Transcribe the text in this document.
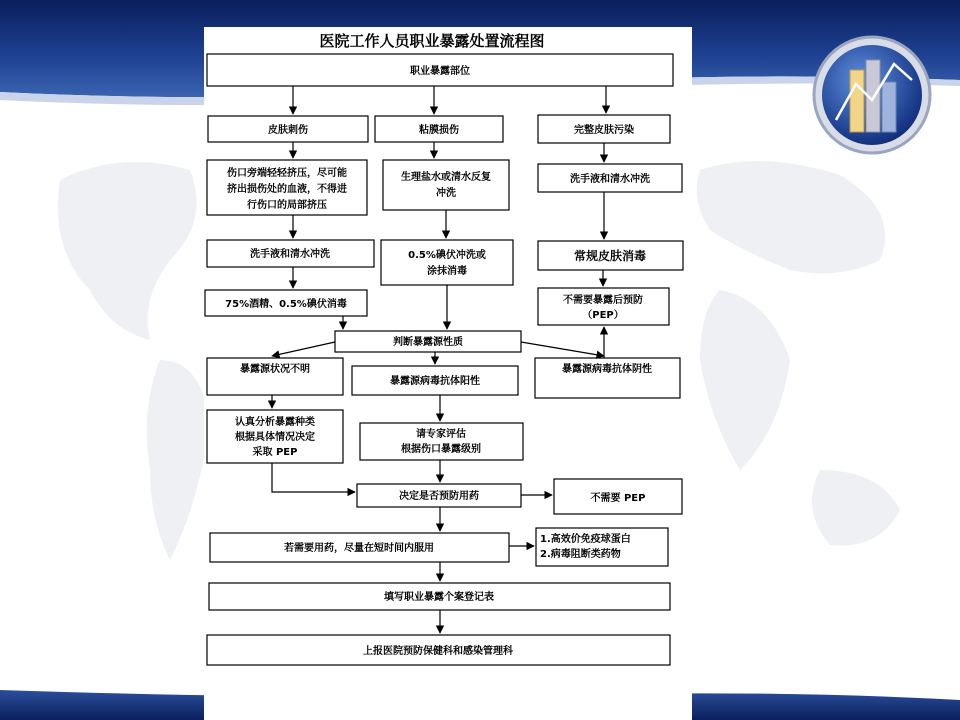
医院工作人员职业暴露处置流程图
职业暴露部位
皮肤刺伤	粘膜损伤	完整皮肤污染
伤口旁端轻轻挤压，尽可能
挤出损伤处的血液，不得进
行伤口的局部挤压
生理盐水或清水反复
冲洗
洗手液和清水冲洗
洗手液和清水冲洗	0.5%碘伏冲洗或
涂抹消毒
常规皮肤消毒
75%酒精、0.5%碘伏消毒	不需要暴露后预防
（PEP）
判断暴露源性质
暴露源状况不明
暴露源病毒抗体阳性
暴露源病毒抗体阴性
认真分析暴露种类
根据具体情况决定
采取 PEP
请专家评估
根据伤口暴露级别
决定是否预防用药	不需要 PEP
若需要用药，尽量在短时间内服用
1.高效价免疫球蛋白
2.病毒阻断类药物
填写职业暴露个案登记表
上报医院预防保健科和感染管理科
